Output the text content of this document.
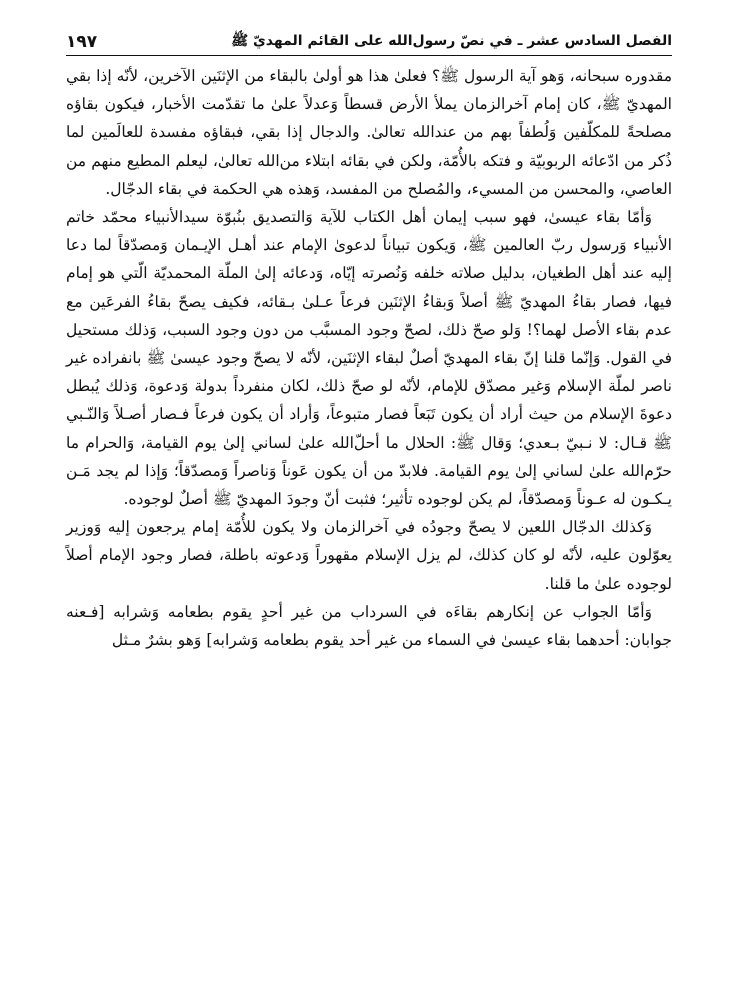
الفصل السادس عشر ـ في نصّ رسول‌الله على القائم المهديّ ﷺ
١٩٧

مقدوره سبحانه، وَهو آية الرسول ﷺ؟ فعلىٰ هذا هو أولىٰ بالبقاء من الإثنَين الآخرين، لأنّه إذا بقي المهديّ ﷺ، كان إمام آخرالزمان يملأ الأرض قسطاً وَعدلاً علىٰ ما تقدّمت الأخبار، فيكون بقاؤه مصلحةً للمكلّفين وَلُطفاً بهم من عندالله تعالىٰ. والدجال إذا بقي، فبقاؤه مفسدة للعالَمين لما ذُكر من ادّعائه الربوبيّة و فتكه بالأُمّة، ولكن في بقائه ابتلاء من‌الله تعالىٰ، ليعلم المطيع منهم من العاصي، والمحسن من المسيء، والمُصلح من المفسد، وَهذه هي الحكمة في بقاء الدجّال.

وَأمّا بقاء عيسىٰ، فهو سبب إيمان أهل الكتاب للآية وَالتصديق بنُبوّة سيدالأنبياء محمّد خاتم الأنبياء وَرسول ربّ العالمين ﷺ، وَيكون تبياناً لدعوىٰ الإمام عند أهـل الإيـمان وَمصدّقاً لما دعا إليه عند أهل الطغيان، بدليل صلاته خلفه وَنُصرته إيّاه، وَدعائه إلىٰ الملّة المحمديّة الّتي هو إمام فيها، فصار بقاءُ المهديّ ﷺ أصلاً وَبقاءُ الإثنَين فرعاً عـلىٰ بـقائه، فكيف يصحّ بقاءُ الفرعَين مع عدم بقاء الأصل لهما؟! وَلو صحّ ذلك، لصحّ وجود المسبَّب من دون وجود السبب، وَذلك مستحيل في القول. وَإنّما قلنا إنّ بقاء المهديّ أصلٌ لبقاء الإثنَين، لأنّه لا يصحّ وجود عيسىٰ ﷺ بانفراده غير ناصر لملّة الإسلام وَغير مصدّق للإمام، لأنّه لو صحّ ذلك، لكان منفرداً بدولة وَدعوة، وَذلك يُبطل دعوةَ الإسلام من حيث أراد أن يكون تَبَعاً فصار متبوعاً، وَأراد أن يكون فرعاً فـصار أصـلاً وَالنّـبي ﷺ قـال: لا نـبيّ بـعدي؛ وَقال ﷺ: الحلال ما أحلّ‌الله علىٰ لساني إلىٰ يوم القيامة، وَالحرام ما حرّم‌الله علىٰ لساني إلىٰ يوم القيامة. فلابدّ من أن يكون عَوناً وَناصراً وَمصدّقاً؛ وَإذا لم يجد مَـن يـكـون له عـوناً وَمصدّقاً، لم يكن لوجوده تأثير؛ فثبت أنّ وجودَ المهديّ ﷺ أصلٌ لوجوده.

وَكذلك الدجّال اللعين لا يصحّ وجودُه في آخرالزمان ولا يكون للأُمّة إمام يرجعون إليه وَوزير يعوّلون عليه، لأنّه لو كان كذلك، لم يزل الإسلام مقهوراً وَدعوته باطلة، فصار وجود الإمام أصلاً لوجوده علىٰ ما قلنا.

وَأمّا الجواب عن إنكارهم بقاءَه في السرداب من غير أحدٍ يقوم بطعامه وَشرابه [فـعنه جوابان: أحدهما بقاء عيسىٰ في السماء من غير أحد يقوم بطعامه وَشرابه] وَهو بشرٌ مـثل
